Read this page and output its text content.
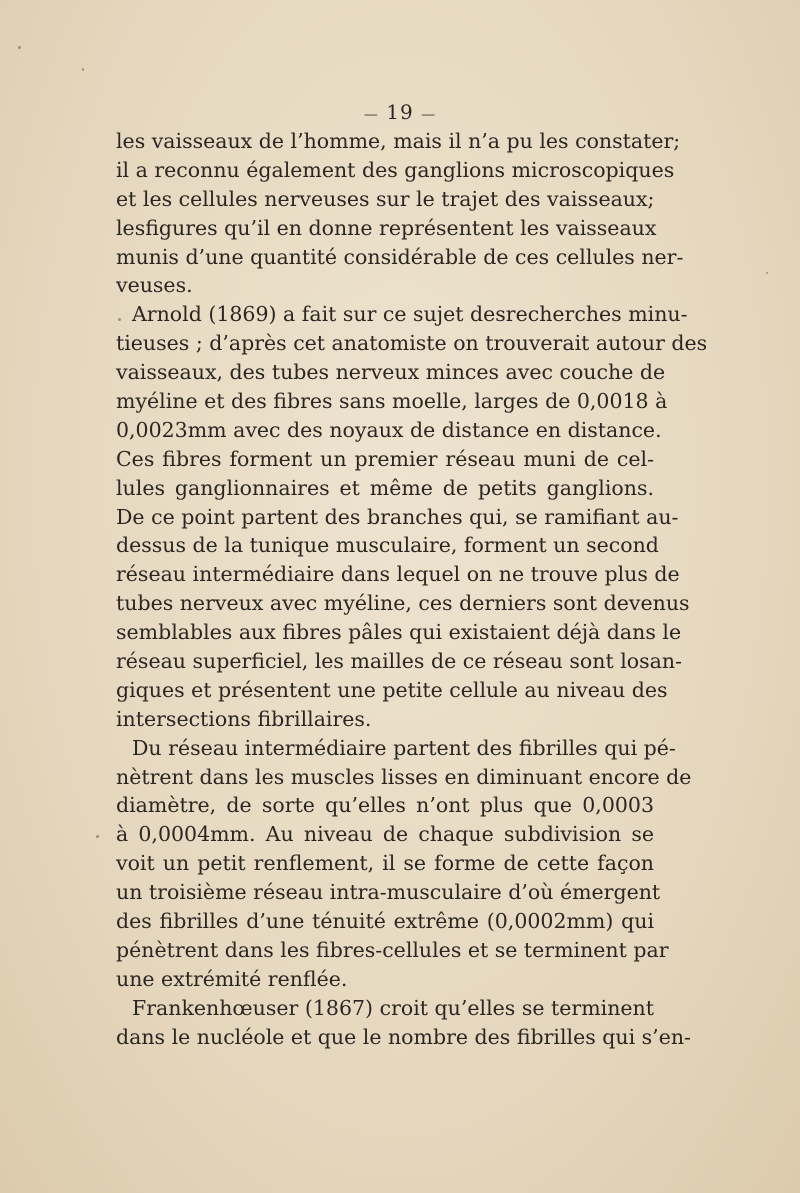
— 19 —
les vaisseaux de l’homme, mais il n’a pu les constater;
il a reconnu également des ganglions microscopiques
et les cellules nerveuses sur le trajet des vaisseaux;
lesfigures qu’il en donne représentent les vaisseaux
munis d’une quantité considérable de ces cellules ner-
veuses.
Arnold (1869) a fait sur ce sujet desrecherches minu-
tieuses ; d’après cet anatomiste on trouverait autour des
vaisseaux, des tubes nerveux minces avec couche de
myéline et des fibres sans moelle, larges de 0,0018 à
0,0023mm avec des noyaux de distance en distance.
Ces fibres forment un premier réseau muni de cel-
lules ganglionnaires et même de petits ganglions.
De ce point partent des branches qui, se ramifiant au-
dessus de la tunique musculaire, forment un second
réseau intermédiaire dans lequel on ne trouve plus de
tubes nerveux avec myéline, ces derniers sont devenus
semblables aux fibres pâles qui existaient déjà dans le
réseau superficiel, les mailles de ce réseau sont losan-
giques et présentent une petite cellule au niveau des
intersections fibrillaires.
Du réseau intermédiaire partent des fibrilles qui pé-
nètrent dans les muscles lisses en diminuant encore de
diamètre, de sorte qu’elles n’ont plus que 0,0003
à 0,0004mm. Au niveau de chaque subdivision se
voit un petit renflement, il se forme de cette façon
un troisième réseau intra-musculaire d’où émergent
des fibrilles d’une ténuité extrême (0,0002mm) qui
pénètrent dans les fibres-cellules et se terminent par
une extrémité renflée.
Frankenhœuser (1867) croit qu’elles se terminent
dans le nucléole et que le nombre des fibrilles qui s’en-
